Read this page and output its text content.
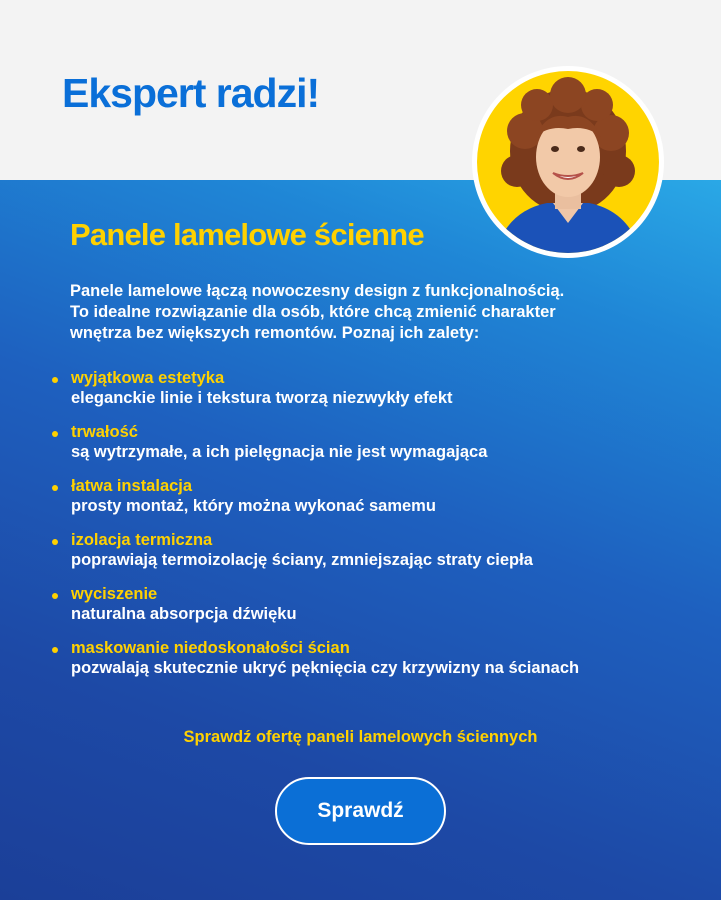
Ekspert radzi!
Panele lamelowe ścienne
Panele lamelowe łączą nowoczesny design z funkcjonalnością.
To idealne rozwiązanie dla osób, które chcą zmienić charakter
wnętrza bez większych remontów. Poznaj ich zalety:
wyjątkowa estetyka
eleganckie linie i tekstura tworzą niezwykły efekt
trwałość
są wytrzymałe, a ich pielęgnacja nie jest wymagająca
łatwa instalacja
prosty montaż, który można wykonać samemu
izolacja termiczna
poprawiają termoizolację ściany, zmniejszając straty ciepła
wyciszenie
naturalna absorpcja dźwięku
maskowanie niedoskonałości ścian
pozwalają skutecznie ukryć pęknięcia czy krzywizny na ścianach
Sprawdź ofertę paneli lamelowych ściennych
Sprawdź
